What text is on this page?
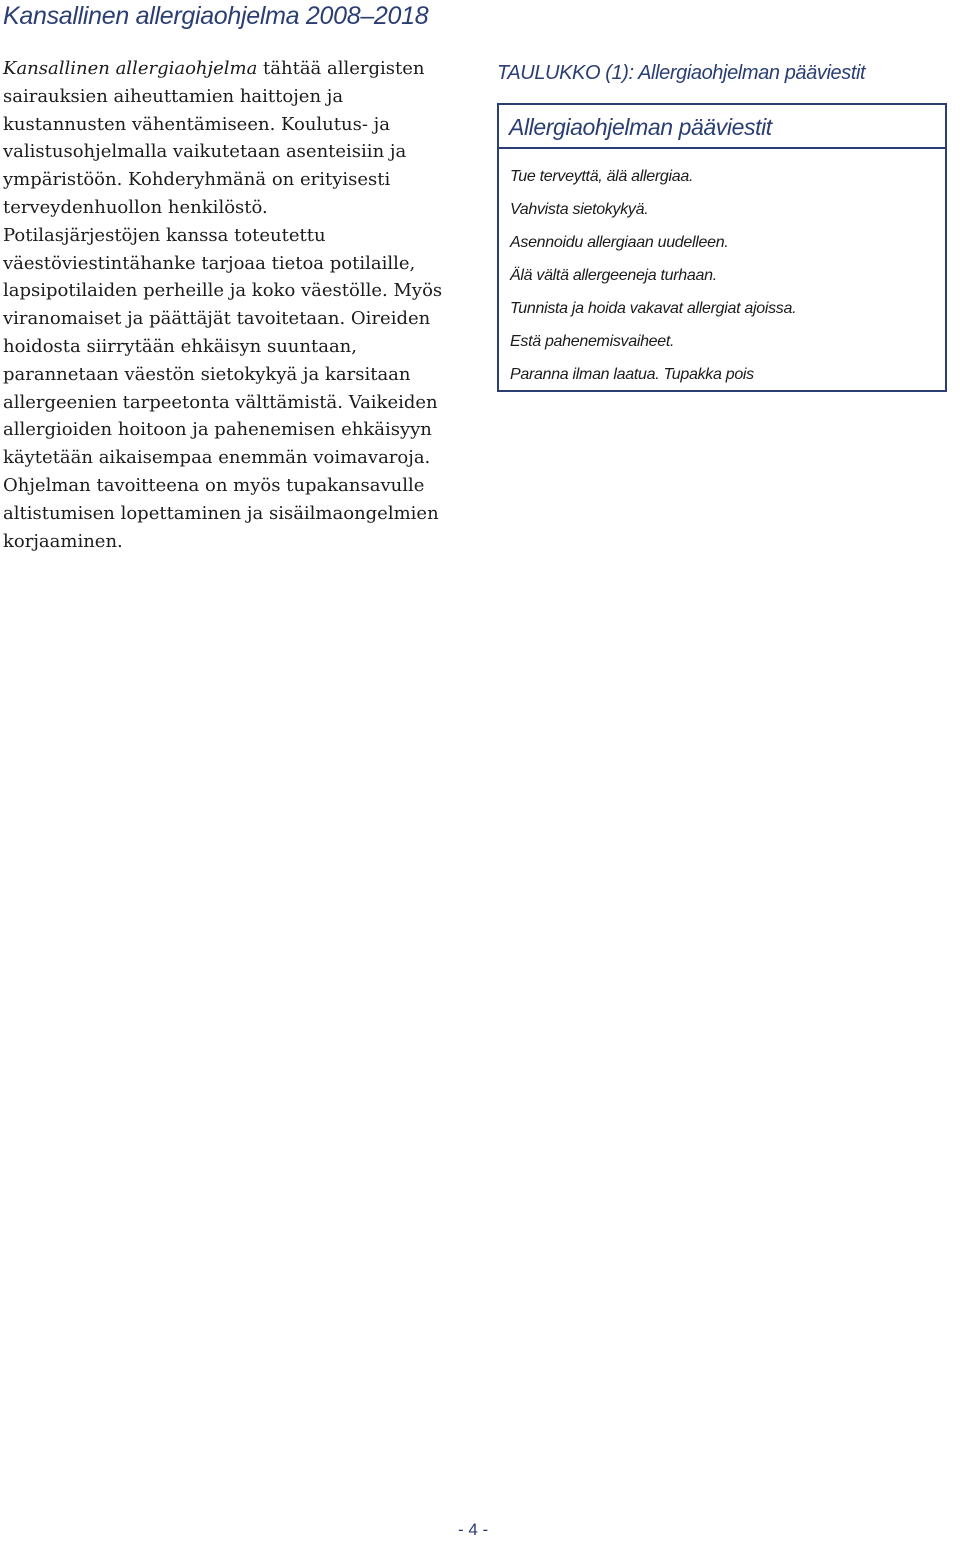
Kansallinen allergiaohjelma 2008–2018

Kansallinen allergiaohjelma tähtää allergisten sairauksien aiheuttamien haittojen ja kustannusten vähentämiseen. Koulutus- ja valistusohjelmalla vaikutetaan asenteisiin ja ympäristöön. Kohderyhmänä on erityisesti terveydenhuollon henkilöstö.
Potilasjärjestöjen kanssa toteutettu väestöviestintähanke tarjoaa tietoa potilaille, lapsipotilaiden perheille ja koko väestölle. Myös viranomaiset ja päättäjät tavoitetaan. Oireiden hoidosta siirrytään ehkäisyn suuntaan, parannetaan väestön sietokykyä ja karsitaan allergeenien tarpeetonta välttämistä. Vaikeiden allergioiden hoitoon ja pahenemisen ehkäisyyn käytetään aikaisempaa enemmän voimavaroja. Ohjelman tavoitteena on myös tupakansavulle altistumisen lopettaminen ja sisäilmaongelmien korjaaminen.

TAULUKKO (1): Allergiaohjelman pääviestit
Allergiaohjelman pääviestit
Tue terveyttä, älä allergiaa.
Vahvista sietokykyä.
Asennoidu allergiaan uudelleen.
Älä vältä allergeeneja turhaan.
Tunnista ja hoida vakavat allergiat ajoissa.
Estä pahenemisvaiheet.
Paranna ilman laatua. Tupakka pois
- 4 -
